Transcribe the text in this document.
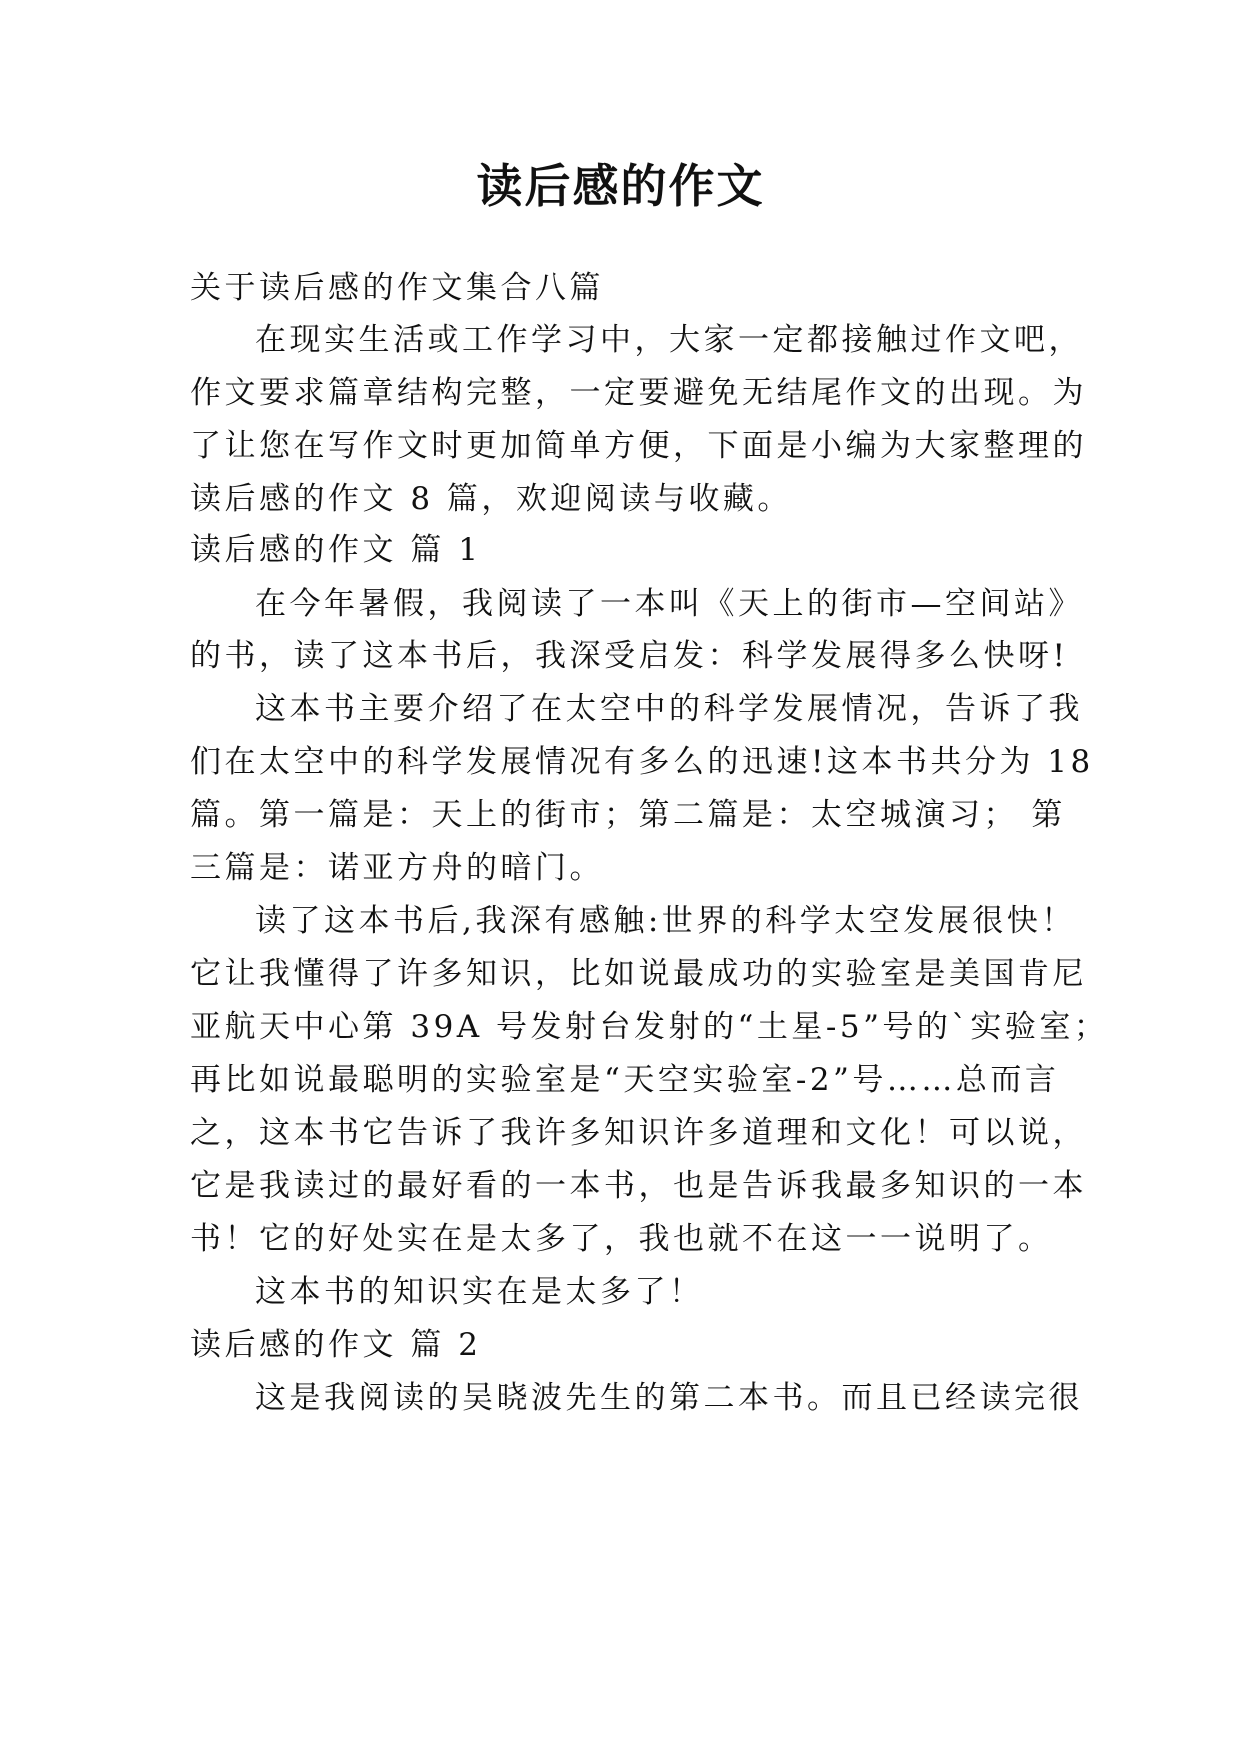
读后感的作文
关于读后感的作文集合八篇
在现实生活或工作学习中，大家一定都接触过作文吧，
作文要求篇章结构完整，一定要避免无结尾作文的出现。为
了让您在写作文时更加简单方便，下面是小编为大家整理的
读后感的作文 8 篇，欢迎阅读与收藏。
读后感的作文 篇 1
在今年暑假，我阅读了一本叫《天上的街市—空间站》
的书，读了这本书后，我深受启发：科学发展得多么快呀!
这本书主要介绍了在太空中的科学发展情况，告诉了我
们在太空中的科学发展情况有多么的迅速!这本书共分为 18
篇。第一篇是：天上的街市；第二篇是：太空城演习； 第
三篇是：诺亚方舟的暗门。
读了这本书后,我深有感触:世界的科学太空发展很快！
它让我懂得了许多知识，比如说最成功的实验室是美国肯尼
亚航天中心第 39A 号发射台发射的“土星-5”号的`实验室；
再比如说最聪明的实验室是“天空实验室-2”号……总而言
之，这本书它告诉了我许多知识许多道理和文化！可以说，
它是我读过的最好看的一本书，也是告诉我最多知识的一本
书！它的好处实在是太多了，我也就不在这一一说明了。
这本书的知识实在是太多了！
读后感的作文 篇 2
这是我阅读的吴晓波先生的第二本书。而且已经读完很
